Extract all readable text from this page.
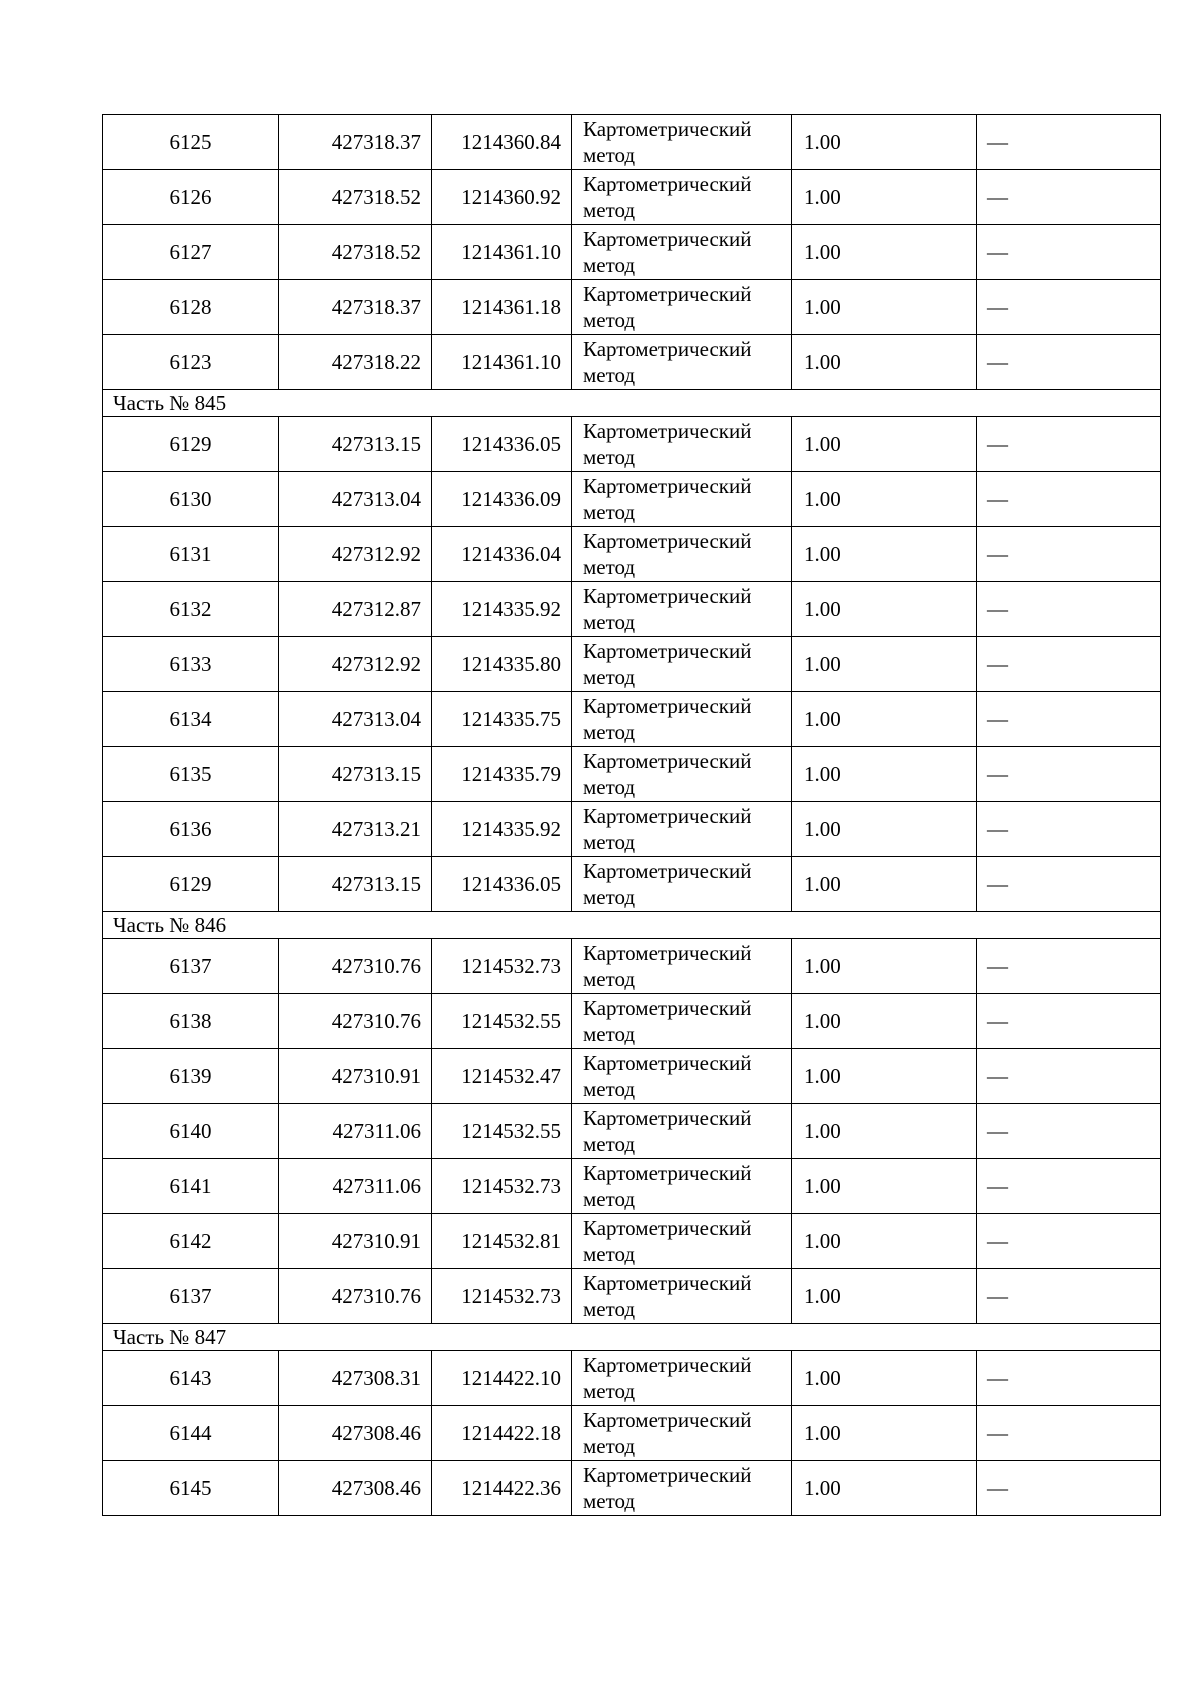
6125	427318.37	1214360.84	Картометрический
метод	1.00	—
6126	427318.52	1214360.92	Картометрический
метод	1.00	—
6127	427318.52	1214361.10	Картометрический
метод	1.00	—
6128	427318.37	1214361.18	Картометрический
метод	1.00	—
6123	427318.22	1214361.10	Картометрический
метод	1.00	—
Часть № 845					
6129	427313.15	1214336.05	Картометрический
метод	1.00	—
6130	427313.04	1214336.09	Картометрический
метод	1.00	—
6131	427312.92	1214336.04	Картометрический
метод	1.00	—
6132	427312.87	1214335.92	Картометрический
метод	1.00	—
6133	427312.92	1214335.80	Картометрический
метод	1.00	—
6134	427313.04	1214335.75	Картометрический
метод	1.00	—
6135	427313.15	1214335.79	Картометрический
метод	1.00	—
6136	427313.21	1214335.92	Картометрический
метод	1.00	—
6129	427313.15	1214336.05	Картометрический
метод	1.00	—
Часть № 846					
6137	427310.76	1214532.73	Картометрический
метод	1.00	—
6138	427310.76	1214532.55	Картометрический
метод	1.00	—
6139	427310.91	1214532.47	Картометрический
метод	1.00	—
6140	427311.06	1214532.55	Картометрический
метод	1.00	—
6141	427311.06	1214532.73	Картометрический
метод	1.00	—
6142	427310.91	1214532.81	Картометрический
метод	1.00	—
6137	427310.76	1214532.73	Картометрический
метод	1.00	—
Часть № 847					
6143	427308.31	1214422.10	Картометрический
метод	1.00	—
6144	427308.46	1214422.18	Картометрический
метод	1.00	—
6145	427308.46	1214422.36	Картометрический
метод	1.00	—
